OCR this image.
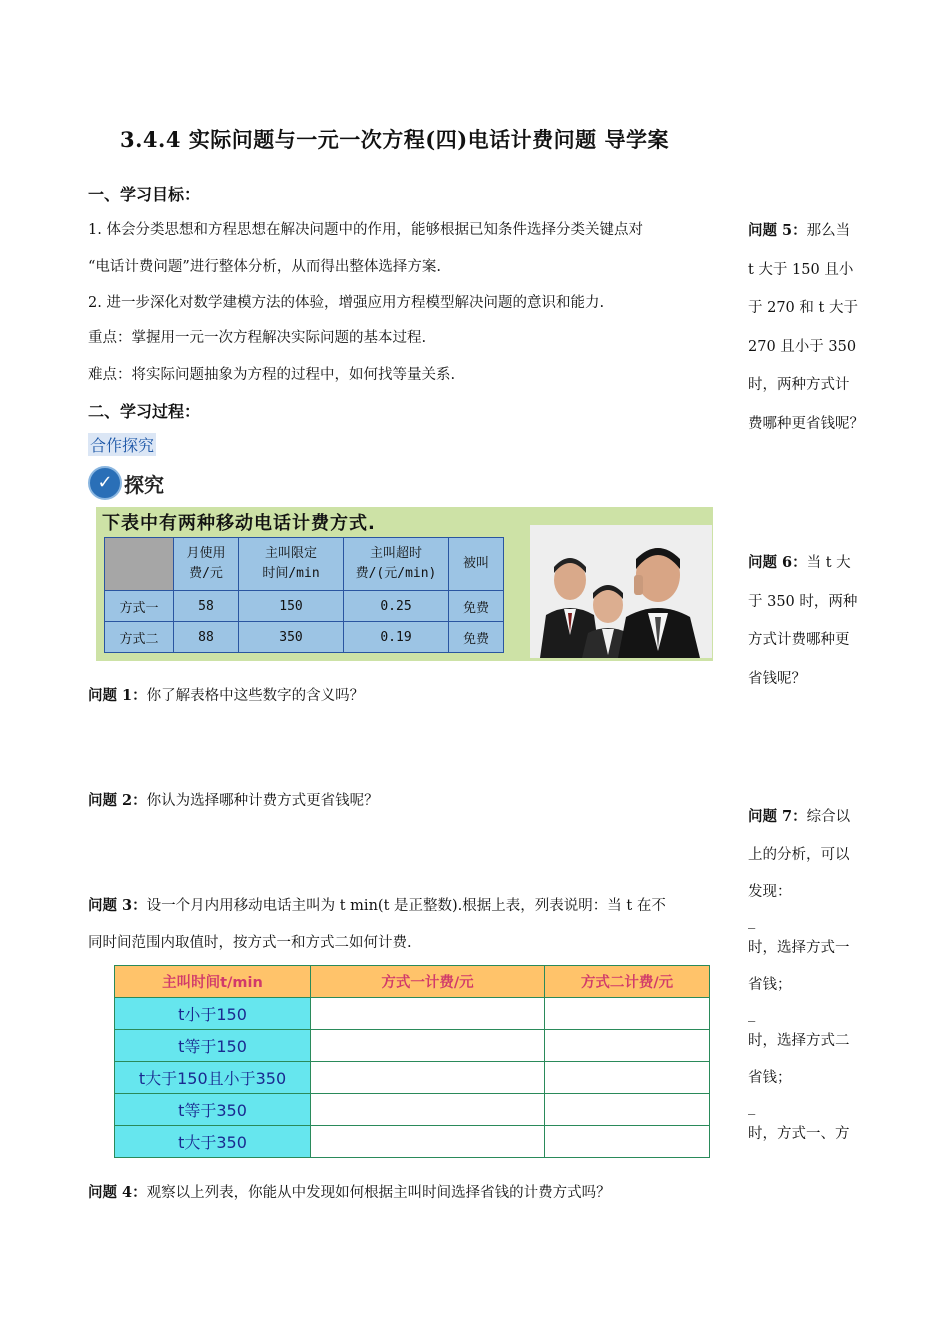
3.4.4 实际问题与一元一次方程(四)电话计费问题 导学案
一、学习目标：
1. 体会分类思想和方程思想在解决问题中的作用，能够根据已知条件选择分类关键点对
“电话计费问题”进行整体分析，从而得出整体选择方案.
2. 进一步深化对数学建模方法的体验，增强应用方程模型解决问题的意识和能力.
重点：掌握用一元一次方程解决实际问题的基本过程.
难点：将实际问题抽象为方程的过程中，如何找等量关系.
二、学习过程：
合作探究
✓ 探究
下表中有两种移动电话计费方式.
	月使用
费/元	主叫限定
时间/min	主叫超时
费/(元/min)	被叫
方式一	58	150	0.25	免费
方式二	88	350	0.19	免费
问题 1：你了解表格中这些数字的含义吗？
问题 2：你认为选择哪种计费方式更省钱呢？
问题 3：设一个月内用移动电话主叫为 t min(t 是正整数).根据上表，列表说明：当 t 在不
同时间范围内取值时，按方式一和方式二如何计费.
主叫时间t/min	方式一计费/元	方式二计费/元
t小于150		
t等于150		
t大于150且小于350		
t等于350		
t大于350		
问题 4：观察以上列表，你能从中发现如何根据主叫时间选择省钱的计费方式吗？
问题 5：那么当
t 大于 150 且小
于 270 和 t 大于
270 且小于 350
时，两种方式计
费哪种更省钱呢？
问题 6：当 t 大
于 350 时，两种
方式计费哪种更
省钱呢？
问题 7：综合以
上的分析，可以
发现：
_
时，选择方式一
省钱；
_
时，选择方式二
省钱；
_
时，方式一、方
